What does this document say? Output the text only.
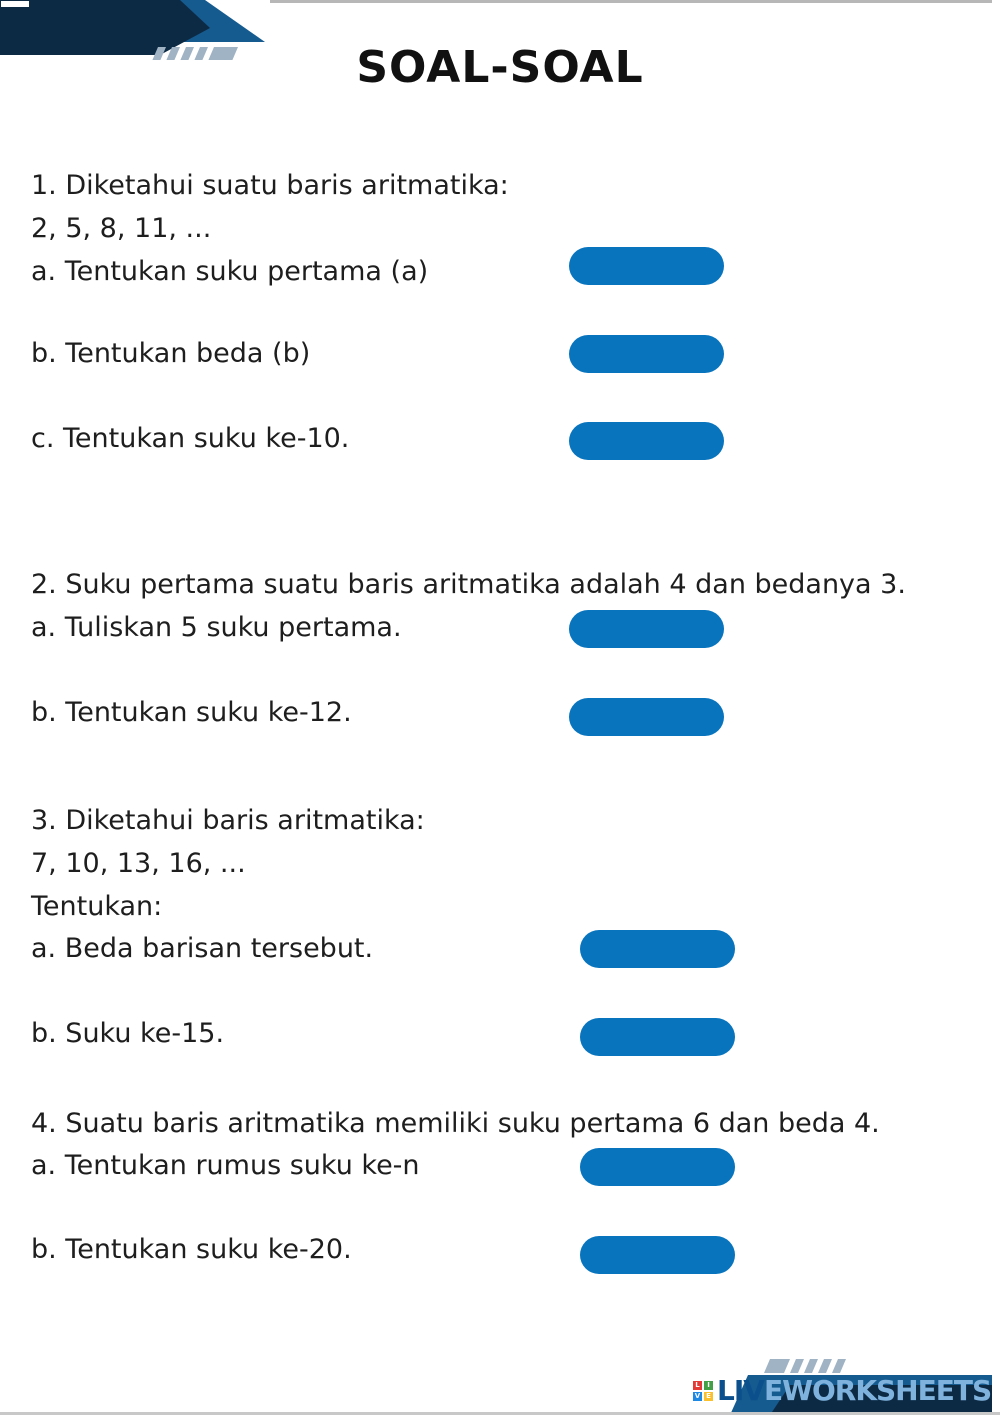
SOAL-SOAL
1. Diketahui suatu baris aritmatika:
2, 5, 8, 11, ...
a. Tentukan suku pertama (a)
b. Tentukan beda (b)
c. Tentukan suku ke-10.
2. Suku pertama suatu baris aritmatika adalah 4 dan bedanya 3.
a. Tuliskan 5 suku pertama.
b. Tentukan suku ke-12.
3. Diketahui baris aritmatika:
7, 10, 13, 16, ...
Tentukan:
a. Beda barisan tersebut.
b. Suku ke-15.
4. Suatu baris aritmatika memiliki suku pertama 6 dan beda 4.
a. Tentukan rumus suku ke-n
b. Tentukan suku ke-20.
L	I
V E LIVEWORKSHEETS
